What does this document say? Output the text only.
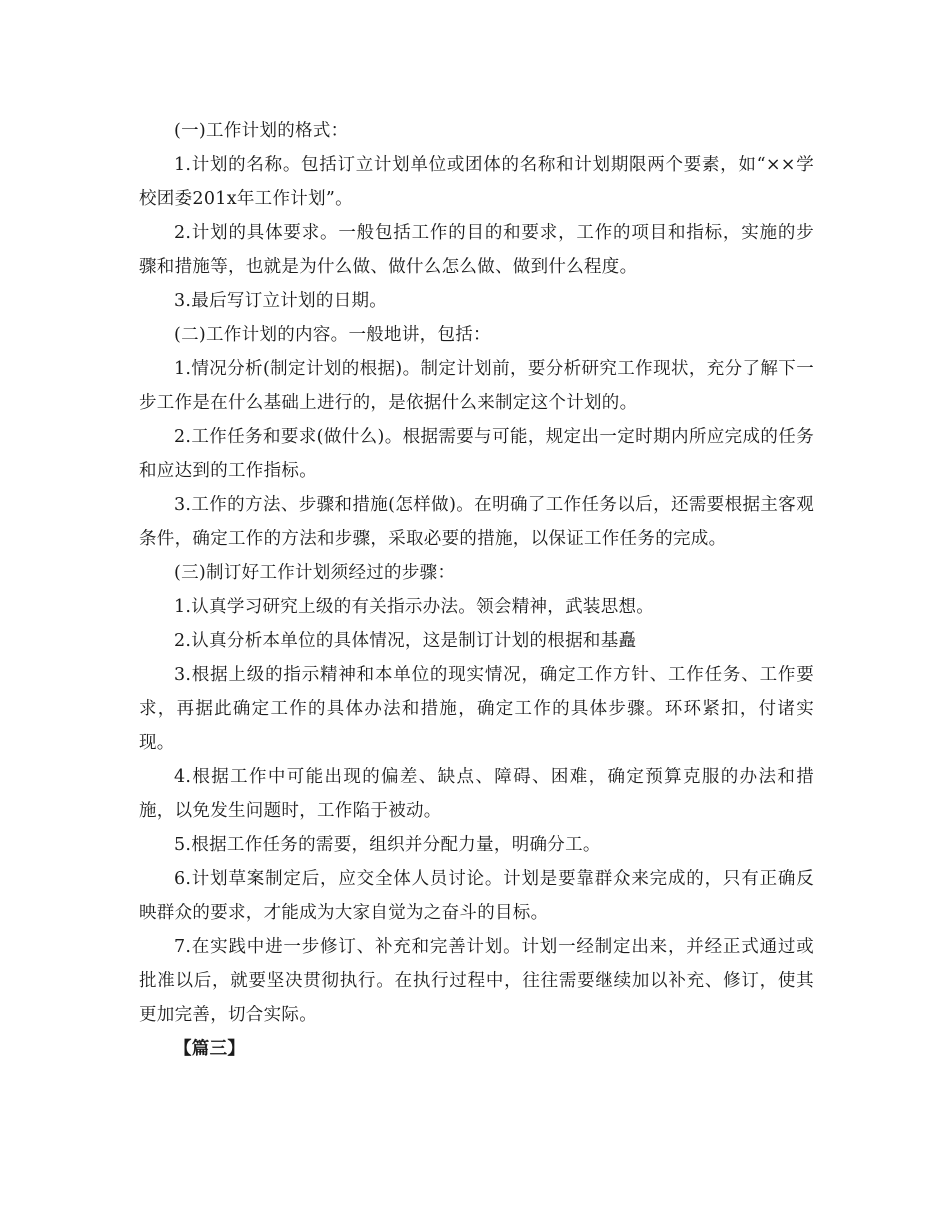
(一)工作计划的格式：

1.计划的名称。包括订立计划单位或团体的名称和计划期限两个要素，如“××学校团委201x年工作计划”。

2.计划的具体要求。一般包括工作的目的和要求，工作的项目和指标，实施的步骤和措施等，也就是为什么做、做什么怎么做、做到什么程度。

3.最后写订立计划的日期。

(二)工作计划的内容。一般地讲，包括：

1.情况分析(制定计划的根据)。制定计划前，要分析研究工作现状，充分了解下一步工作是在什么基础上进行的，是依据什么来制定这个计划的。

2.工作任务和要求(做什么)。根据需要与可能，规定出一定时期内所应完成的任务和应达到的工作指标。

3.工作的方法、步骤和措施(怎样做)。在明确了工作任务以后，还需要根据主客观条件，确定工作的方法和步骤，采取必要的措施，以保证工作任务的完成。

(三)制订好工作计划须经过的步骤：

1.认真学习研究上级的有关指示办法。领会精神，武装思想。

2.认真分析本单位的具体情况，这是制订计划的根据和基矗

3.根据上级的指示精神和本单位的现实情况，确定工作方针、工作任务、工作要求，再据此确定工作的具体办法和措施，确定工作的具体步骤。环环紧扣，付诸实现。

4.根据工作中可能出现的偏差、缺点、障碍、困难，确定预算克服的办法和措施，以免发生问题时，工作陷于被动。

5.根据工作任务的需要，组织并分配力量，明确分工。

6.计划草案制定后，应交全体人员讨论。计划是要靠群众来完成的，只有正确反映群众的要求，才能成为大家自觉为之奋斗的目标。

7.在实践中进一步修订、补充和完善计划。计划一经制定出来，并经正式通过或批准以后，就要坚决贯彻执行。在执行过程中，往往需要继续加以补充、修订，使其更加完善，切合实际。

【篇三】
